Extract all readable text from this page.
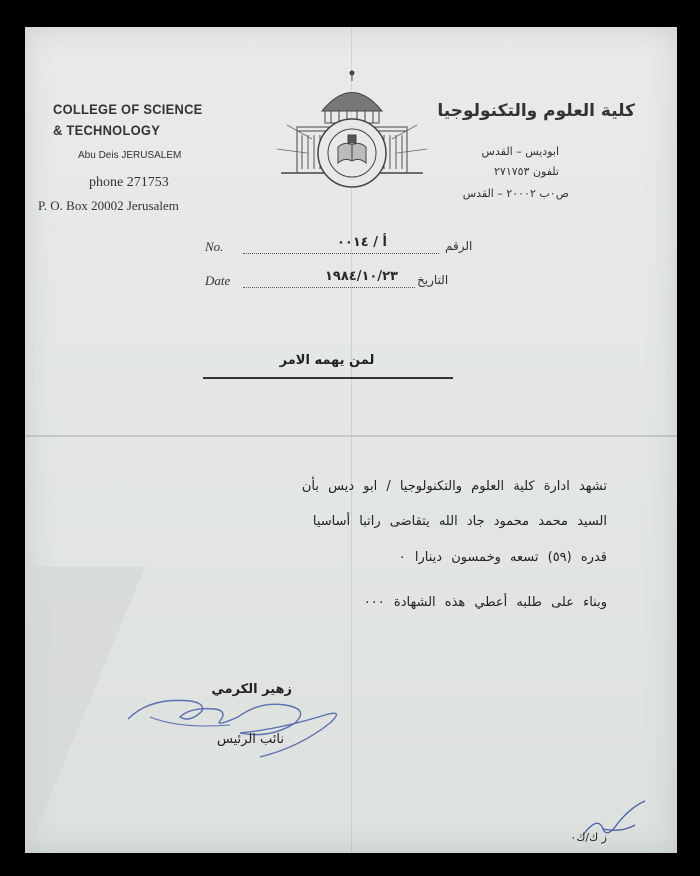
COLLEGE OF SCIENCE
& TECHNOLOGY
Abu Deis JERUSALEM
phone 271753
P. O. Box 20002 Jerusalem
كلية العلوم والتكنولوجيا
ابوديس – القدس
تلفون ٢٧١٧٥٣
ص٠ب ٢٠٠٠٢ – القدس
No.	أ / ٠٠١٤	الرقم
Date	١٩٨٤/١٠/٢٣ التاريخ
لمن يهمه الامر
تشهد ادارة كلية العلوم والتكنولوجيا / ابو ديس بأن
السيد محمد محمود جاد الله يتقاضى راتبا أساسيا
قدره (٥٩) تسعه وخمسون دينارا ٠
وبناء على طلبه أعطي هذه الشهادة ٠٠٠
زهير الكرمي
نائب الرئيس
ز ك/ك٠
